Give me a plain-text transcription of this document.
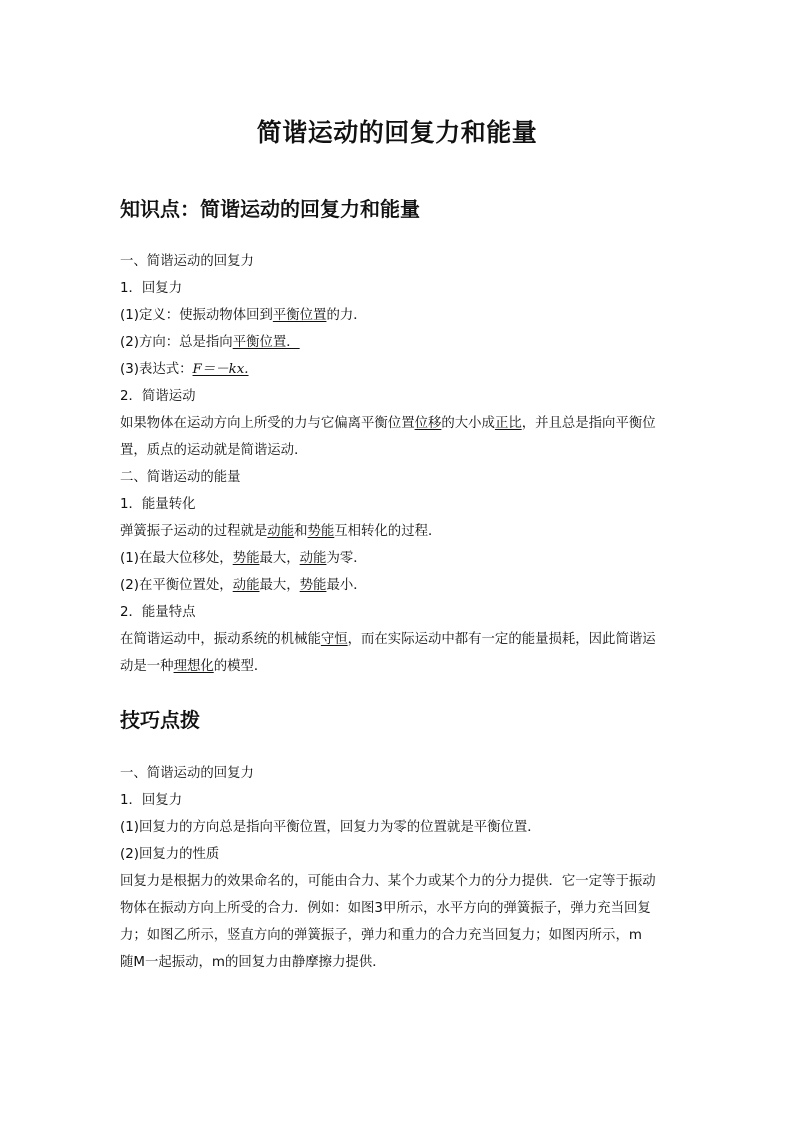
简谐运动的回复力和能量
知识点：简谐运动的回复力和能量
一、简谐运动的回复力
1．回复力
(1)定义：使振动物体回到平衡位置的力．
(2)方向：总是指向平衡位置．
(3)表达式：F＝－kx.
2．简谐运动
如果物体在运动方向上所受的力与它偏离平衡位置位移的大小成正比，并且总是指向平衡位
置，质点的运动就是简谐运动．
二、简谐运动的能量
1．能量转化
弹簧振子运动的过程就是动能和势能互相转化的过程．
(1)在最大位移处，势能最大，动能为零．
(2)在平衡位置处，动能最大，势能最小．
2．能量特点
在简谐运动中，振动系统的机械能守恒，而在实际运动中都有一定的能量损耗，因此简谐运
动是一种理想化的模型．
技巧点拨
一、简谐运动的回复力
1．回复力
(1)回复力的方向总是指向平衡位置，回复力为零的位置就是平衡位置．
(2)回复力的性质
回复力是根据力的效果命名的，可能由合力、某个力或某个力的分力提供．它一定等于振动
物体在振动方向上所受的合力．例如：如图3甲所示，水平方向的弹簧振子，弹力充当回复
力；如图乙所示，竖直方向的弹簧振子，弹力和重力的合力充当回复力；如图丙所示，m
随M一起振动，m的回复力由静摩擦力提供．
